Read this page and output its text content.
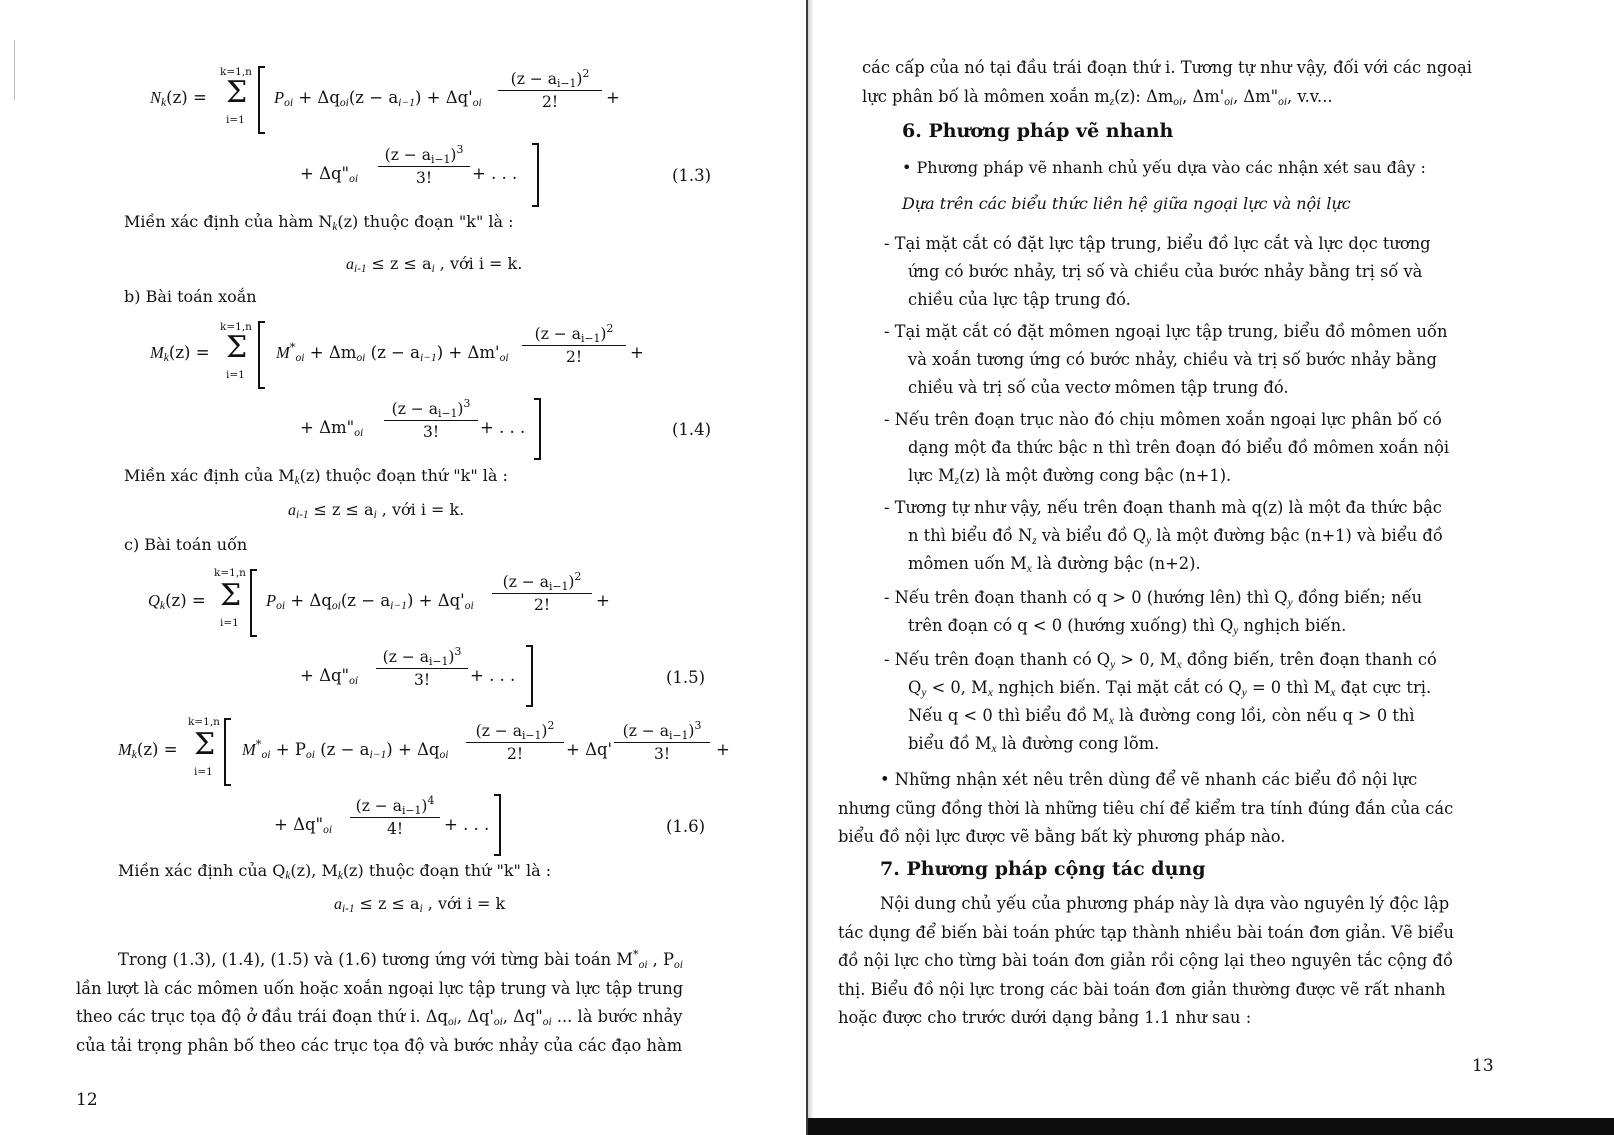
$N_k(z)$ =
k=1,n
Σ
i=1
$P_{oi} + \Delta q_{oi}(z - a_{i-1}) + \Delta q'_{oi}$
$(z - a_{i-1})^2$
2!	+
+ $\Delta q"_{oi}$
$(z - a_{i-1})^3$
3!	+ . . .	(1.3)
Miền xác định của hàm $N_k(z)$ thuộc đoạn "k" là :
$a_{i-1} \le z \le a_i$ , với i = k.
b) Bài toán xoắn
$M_k(z)$ =
k=1,n
Σ
i=1
$M^*_{oi} + \Delta m_{oi}$ $(z - a_{i-1}) + \Delta m'_{oi}$
$(z - a_{i-1})^2$
2!	+
+ $\Delta m"_{oi}$
$(z - a_{i-1})^3$
3!	+ . . .	(1.4)
Miền xác định của $M_k(z)$ thuộc đoạn thứ "k" là :
$a_{i-1} \le z \le a_i$ , với i = k.
c) Bài toán uốn
$Q_k(z)$ =
k=1,n
Σ
i=1
$P_{oi} + \Delta q_{oi}(z - a_{i-1}) + \Delta q'_{oi}$
$(z - a_{i-1})^2$
2!	+
+ $\Delta q"_{oi}$
$(z - a_{i-1})^3$
3!	+ . . .	(1.5)
$M_k(z)$ =
k=1,n
Σ
i=1
$M^*_{oi} + P_{oi}$ $(z - a_{i-1}) + \Delta q_{oi}$
$(z - a_{i-1})^2$
2!	+ Δq'
$(z - a_{i-1})^3$
3!	+
+ $\Delta q"_{oi}$
$(z - a_{i-1})^4$
4!	+ . . .	(1.6)
Miền xác định của $Q_k(z)$, $M_k(z)$ thuộc đoạn thứ "k" là :
$a_{i-1} \le z \le a_i$ , với i = k

Trong (1.3), (1.4), (1.5) và (1.6) tương ứng với từng bài toán $M^*_{oi}$ , $P_{oi}$

lần lượt là các mômen uốn hoặc xoắn ngoại lực tập trung và lực tập trung

theo các trục tọa độ ở đầu trái đoạn thứ i. $\Delta q_{oi}$, $\Delta q'_{oi}$, $\Delta q"_{oi}$ ... là bước nhảy

của tải trọng phân bố theo các trục tọa độ và bước nhảy của các đạo hàm

12

các cấp của nó tại đầu trái đoạn thứ i. Tương tự như vậy, đối với các ngoại

lực phân bố là mômen xoắn $m_z(z)$: $\Delta m_{oi}$, $\Delta m'_{oi}$, $\Delta m"_{oi}$, v.v...

6. Phương pháp vẽ nhanh
• Phương pháp vẽ nhanh chủ yếu dựa vào các nhận xét sau đây :
Dựa trên các biểu thức liên hệ giữa ngoại lực và nội lực
- Tại mặt cắt có đặt lực tập trung, biểu đồ lực cắt và lực dọc tương
ứng có bước nhảy, trị số và chiều của bước nhảy bằng trị số và
chiều của lực tập trung đó.
- Tại mặt cắt có đặt mômen ngoại lực tập trung, biểu đồ mômen uốn
và xoắn tương ứng có bước nhảy, chiều và trị số bước nhảy bằng
chiều và trị số của vectơ mômen tập trung đó.
- Nếu trên đoạn trục nào đó chịu mômen xoắn ngoại lực phân bố có
dạng một đa thức bậc n thì trên đoạn đó biểu đồ mômen xoắn nội
lực $M_z(z)$ là một đường cong bậc (n+1).
- Tương tự như vậy, nếu trên đoạn thanh mà q(z) là một đa thức bậc
n thì biểu đồ $N_z$ và biểu đồ $Q_y$ là một đường bậc (n+1) và biểu đồ
mômen uốn $M_x$ là đường bậc (n+2).
- Nếu trên đoạn thanh có q > 0 (hướng lên) thì $Q_y$ đồng biến; nếu
trên đoạn có q < 0 (hướng xuống) thì $Q_y$ nghịch biến.
- Nếu trên đoạn thanh có $Q_y > 0$, $M_x$ đồng biến, trên đoạn thanh có
$Q_y < 0$, $M_x$ nghịch biến. Tại mặt cắt có $Q_y = 0$ thì $M_x$ đạt cực trị.
Nếu q < 0 thì biểu đồ $M_x$ là đường cong lồi, còn nếu q > 0 thì
biểu đồ $M_x$ là đường cong lõm.

• Những nhận xét nêu trên dùng để vẽ nhanh các biểu đồ nội lực

nhưng cũng đồng thời là những tiêu chí để kiểm tra tính đúng đắn của các

biểu đồ nội lực được vẽ bằng bất kỳ phương pháp nào.

7. Phương pháp cộng tác dụng

Nội dung chủ yếu của phương pháp này là dựa vào nguyên lý độc lập

tác dụng để biến bài toán phức tạp thành nhiều bài toán đơn giản. Vẽ biểu

đồ nội lực cho từng bài toán đơn giản rồi cộng lại theo nguyên tắc cộng đồ

thị. Biểu đồ nội lực trong các bài toán đơn giản thường được vẽ rất nhanh

hoặc được cho trước dưới dạng bảng 1.1 như sau :

13
